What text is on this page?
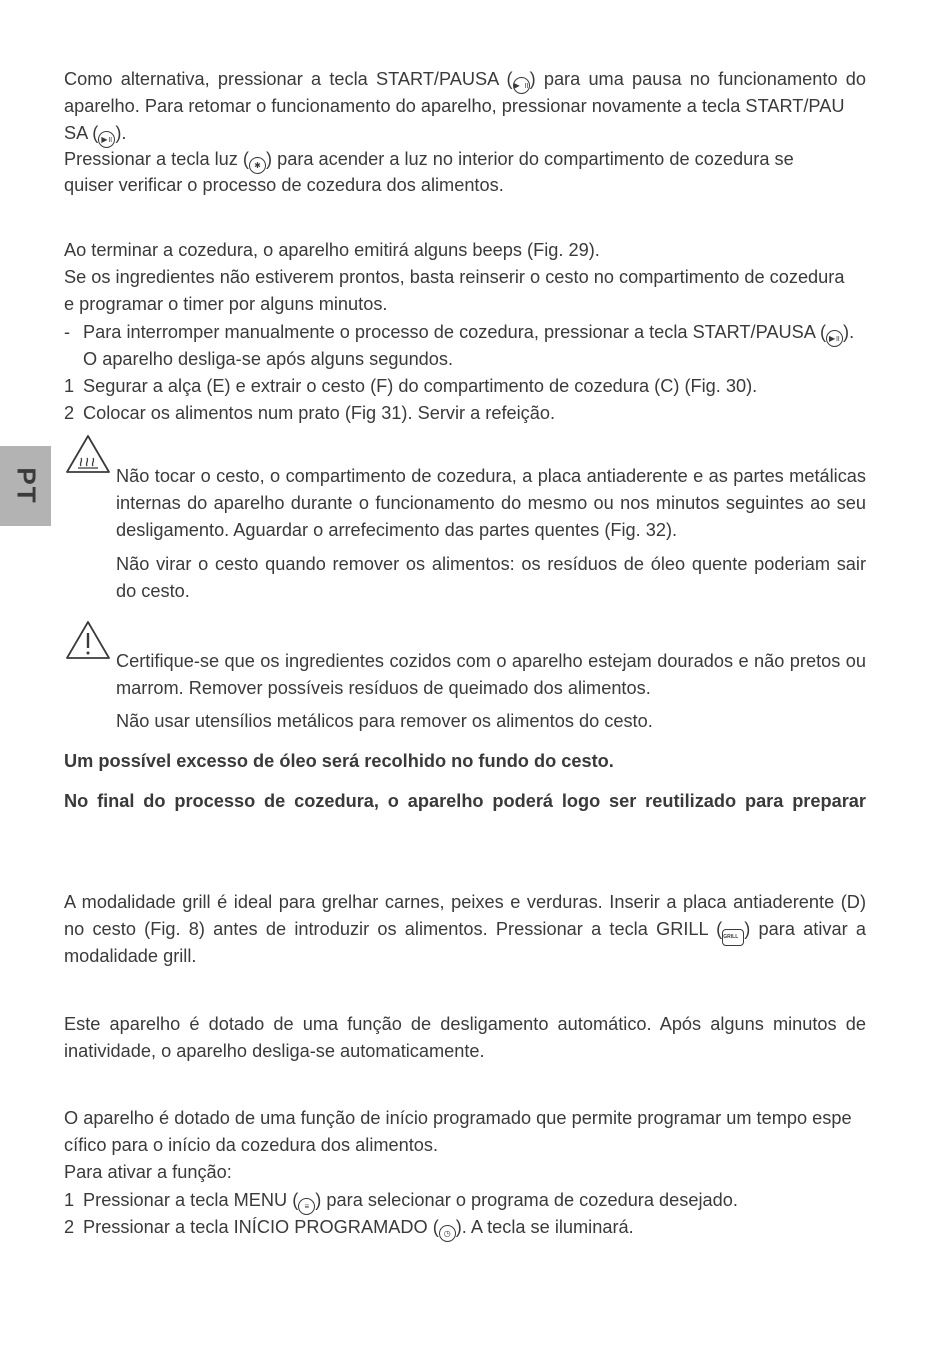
PT
Como alternativa, pressionar a tecla START/PAUSA (▶॥) para uma pausa no funcionamento do
aparelho. Para retomar o funcionamento do aparelho, pressionar novamente a tecla START/PAU
SA ( ▶॥ ).
Pressionar a tecla luz ( ✱ ) para acender a luz no interior do compartimento de cozedura se
quiser verificar o processo de cozedura dos alimentos.
Ao terminar a cozedura, o aparelho emitirá alguns beeps (Fig. 29).
Se os ingredientes não estiverem prontos, basta reinserir o cesto no compartimento de cozedura
e programar o timer por alguns minutos.
- Para interromper manualmente o processo de cozedura, pressionar a tecla START/PAUSA ( ▶॥ ).
O aparelho desliga-se após alguns segundos.
1 Segurar a alça (E) e extrair o cesto (F) do compartimento de cozedura (C) (Fig. 30).
2 Colocar os alimentos num prato (Fig 31). Servir a refeição.
Não tocar o cesto, o compartimento de cozedura, a placa antiaderente e as partes metálicas
internas do aparelho durante o funcionamento do mesmo ou nos minutos seguintes ao seu
desligamento. Aguardar o arrefecimento das partes quentes (Fig. 32).
Não virar o cesto quando remover os alimentos: os resíduos de óleo quente poderiam sair
do cesto.
Certifique-se que os ingredientes cozidos com o aparelho estejam dourados e não pretos ou
marrom. Remover possíveis resíduos de queimado dos alimentos.
Não usar utensílios metálicos para remover os alimentos do cesto.
Um possível excesso de óleo será recolhido no fundo do cesto.
No final do processo de cozedura, o aparelho poderá logo ser reutilizado para preparar
A modalidade grill é ideal para grelhar carnes, peixes e verduras. Inserir a placa antiaderente (D)
no cesto (Fig. 8) antes de introduzir os alimentos. Pressionar a tecla GRILL (GRILL ) para ativar a
modalidade grill.
Este aparelho é dotado de uma função de desligamento automático. Após alguns minutos de
inatividade, o aparelho desliga-se automaticamente.
O aparelho é dotado de uma função de início programado que permite programar um tempo espe
cífico para o início da cozedura dos alimentos.
Para ativar a função:
1 Pressionar a tecla MENU ( ≡ ) para selecionar o programa de cozedura desejado.
2 Pressionar a tecla INÍCIO PROGRAMADO ( ◷ ). A tecla se iluminará.
